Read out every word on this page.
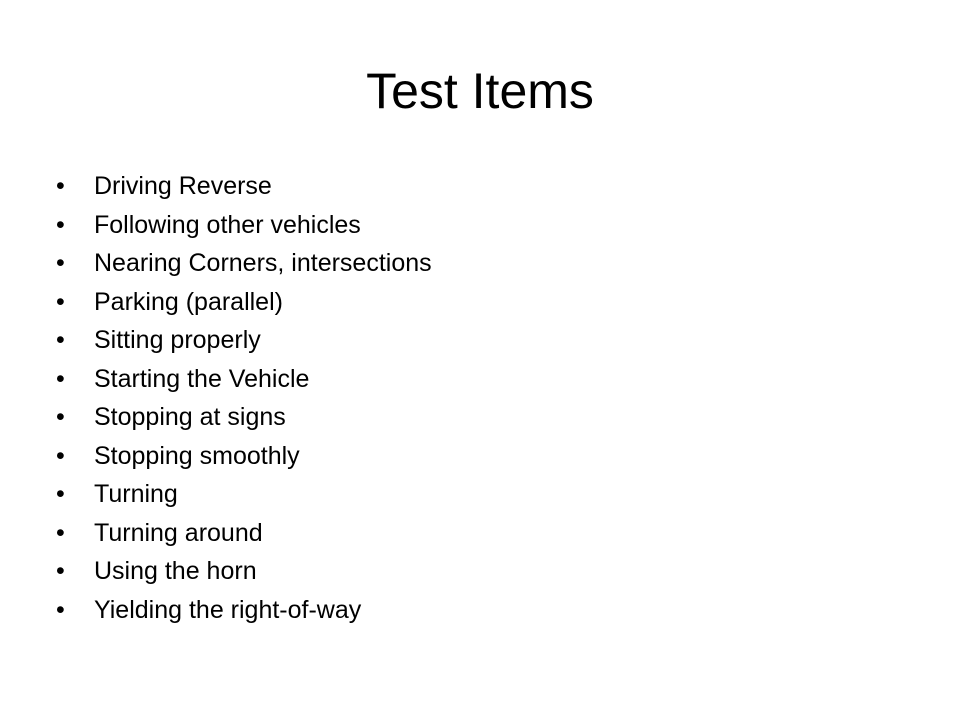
Test Items
• Driving Reverse
• Following other vehicles
• Nearing Corners, intersections
• Parking (parallel)
• Sitting properly
• Starting the Vehicle
• Stopping at signs
• Stopping smoothly
• Turning
• Turning around
• Using the horn
• Yielding the right-of-way
